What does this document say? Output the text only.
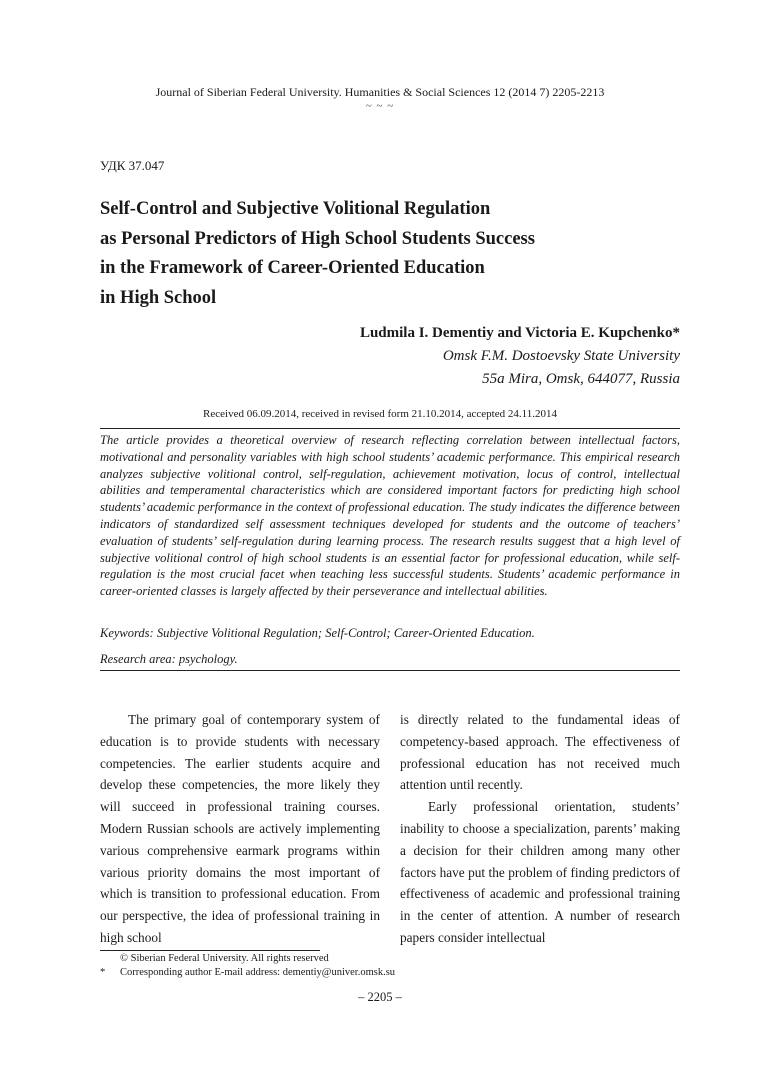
Journal of Siberian Federal University. Humanities & Social Sciences 12 (2014 7) 2205-2213
~ ~ ~
УДК 37.047
Self-Control and Subjective Volitional Regulation
as Personal Predictors of High School Students Success
in the Framework of Career-Oriented Education
in High School
Ludmila I. Dementiy and Victoria E. Kupchenko*
Omsk F.M. Dostoevsky State University
55a Mira, Omsk, 644077, Russia
Received 06.09.2014, received in revised form 21.10.2014, accepted 24.11.2014
The article provides a theoretical overview of research reflecting correlation between intellectual factors, motivational and personality variables with high school students’ academic performance. This empirical research analyzes subjective volitional control, self-regulation, achievement motivation, locus of control, intellectual abilities and temperamental characteristics which are considered important factors for predicting high school students’ academic performance in the context of professional education. The study indicates the difference between indicators of standardized self assessment techniques developed for students and the outcome of teachers’ evaluation of students’ self-regulation during learning process. The research results suggest that a high level of subjective volitional control of high school students is an essential factor for professional education, while self-regulation is the most crucial facet when teaching less successful students. Students’ academic performance in career-oriented classes is largely affected by their perseverance and intellectual abilities.
Keywords: Subjective Volitional Regulation; Self-Control; Career-Oriented Education.
Research area: psychology.

The primary goal of contemporary system of education is to provide students with necessary competencies. The earlier students acquire and develop these competencies, the more likely they will succeed in professional training courses. Modern Russian schools are actively implementing various comprehensive earmark programs within various priority domains the most important of which is transition to professional education. From our perspective, the idea of professional training in high school

is directly related to the fundamental ideas of competency-based approach. The effectiveness of professional education has not received much attention until recently.

Early professional orientation, students’ inability to choose a specialization, parents’ making a decision for their children among many other factors have put the problem of finding predictors of effectiveness of academic and professional training in the center of attention. A number of research papers consider intellectual

© Siberian Federal University. All rights reserved
* Corresponding author E-mail address: dementiy@univer.omsk.su
– 2205 –
